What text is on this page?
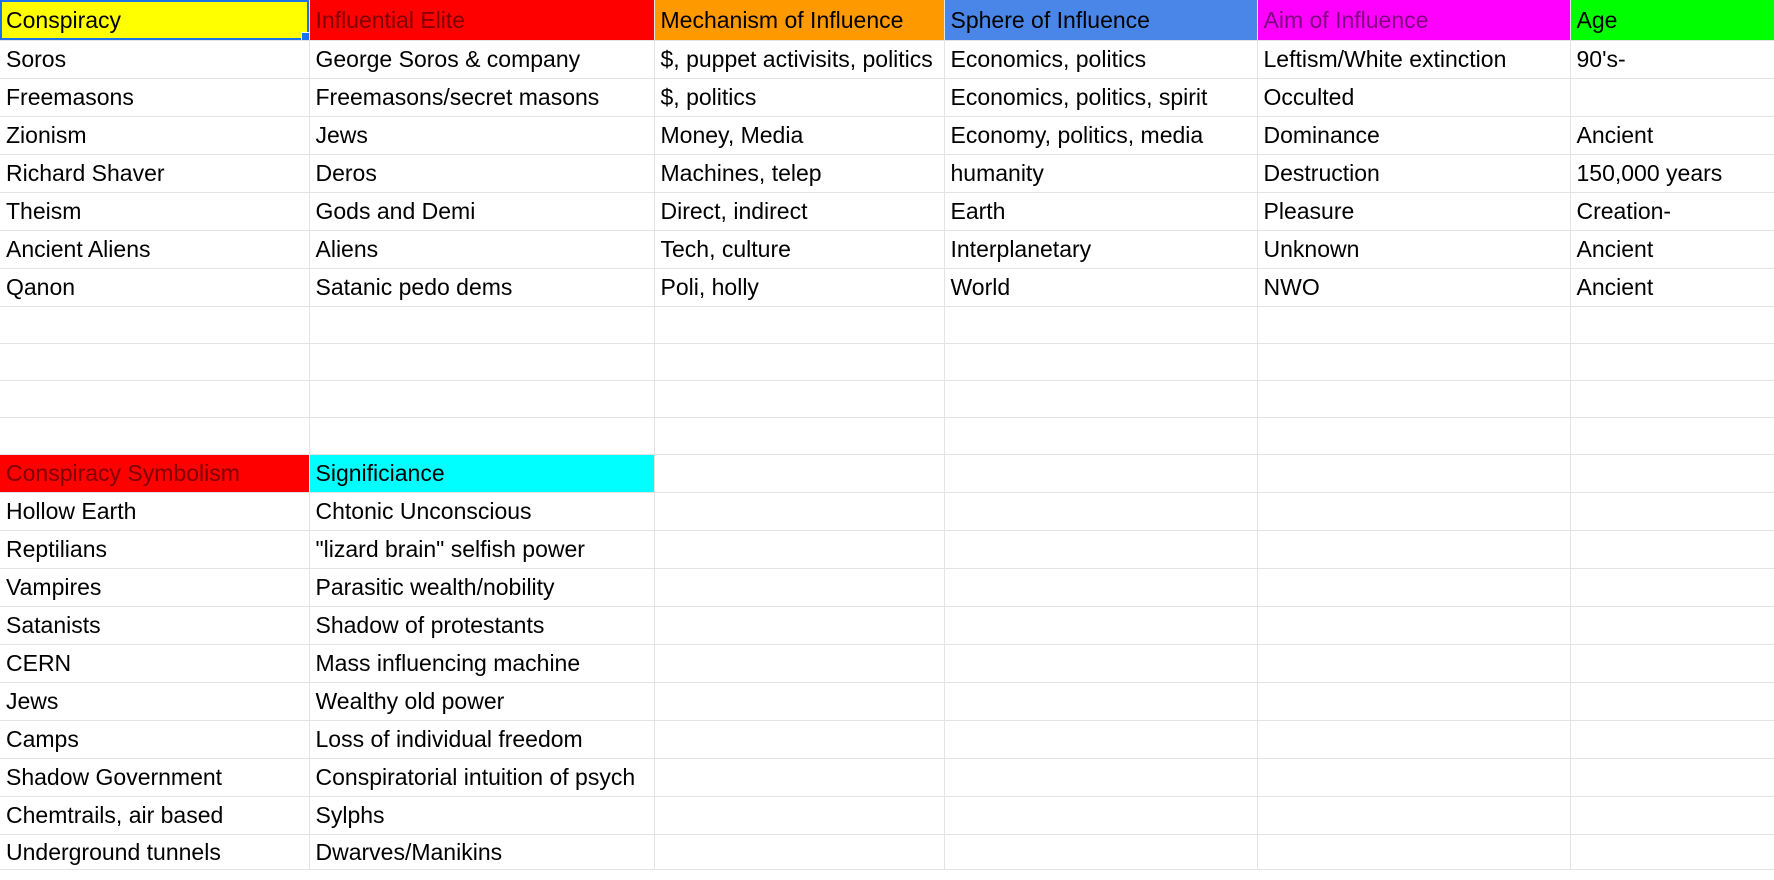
Conspiracy	Influential Elite	Mechanism of Influence	Sphere of Influence	Aim of Influence	Age
Soros	George Soros & company	$, puppet activisits, politics	Economics, politics	Leftism/White extinction	90's-
Freemasons	Freemasons/secret masons	$, politics	Economics, politics, spirit	Occulted	
Zionism	Jews	Money, Media	Economy, politics, media	Dominance	Ancient
Richard Shaver	Deros	Machines, telep	humanity	Destruction	150,000 years
Theism	Gods and Demi	Direct, indirect	Earth	Pleasure	Creation-
Ancient Aliens	Aliens	Tech, culture	Interplanetary	Unknown	Ancient
Qanon	Satanic pedo dems	Poli, holly	World	NWO	Ancient

Conspiracy Symbolism	Significiance				
Hollow Earth	Chtonic Unconscious				
Reptilians	"lizard brain" selfish power				
Vampires	Parasitic wealth/nobility				
Satanists	Shadow of protestants				
CERN	Mass influencing machine				
Jews	Wealthy old power				
Camps	Loss of individual freedom				
Shadow Government	Conspiratorial intuition of psych				
Chemtrails, air based	Sylphs				
Underground tunnels	Dwarves/Manikins				
